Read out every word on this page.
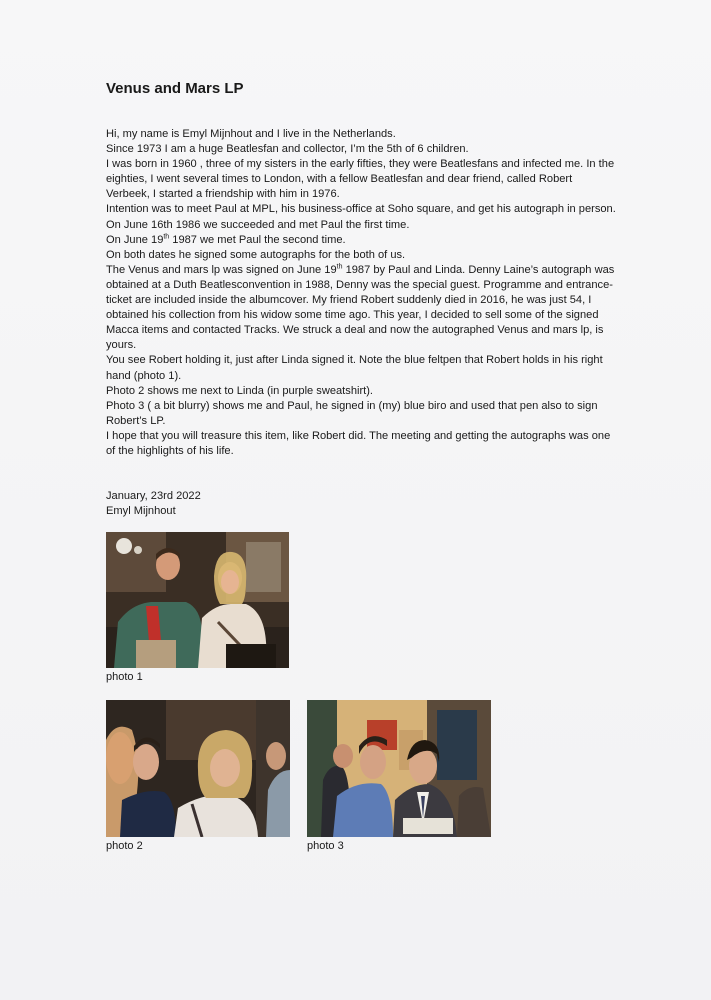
Venus and Mars LP

Hi, my name is Emyl Mijnhout and I live in the Netherlands.

Since 1973 I am a huge Beatlesfan and collector, I’m the 5th of 6 children.

I was born in 1960 , three of my sisters in the early fifties, they were Beatlesfans and infected me. In the eighties, I went several times to London, with a fellow Beatlesfan and dear friend, called Robert Verbeek, I started a friendship with him in 1976.

Intention was to meet Paul at MPL, his business-office at Soho square, and get his autograph in person.

On June 16th 1986 we succeeded and met Paul the first time.

On June 19th 1987 we met Paul the second time.

On both dates he signed some autographs for the both of us.

The Venus and mars lp was signed on June 19th 1987 by Paul and Linda. Denny Laine’s autograph was obtained at a Duth Beatlesconvention in 1988, Denny was the special guest. Programme and entrance-ticket are included inside the albumcover. My friend Robert suddenly died in 2016, he was just 54, I obtained his collection from his widow some time ago. This year, I decided to sell some of the signed Macca items and contacted Tracks. We struck a deal and now the autographed Venus and mars lp, is yours.

You see Robert holding it, just after Linda signed it. Note the blue feltpen that Robert holds in his right hand (photo 1).

Photo 2 shows me next to Linda (in purple sweatshirt).

Photo 3 ( a bit blurry) shows me and Paul, he signed in (my) blue biro and used that pen also to sign Robert’s LP.

I hope that you will treasure this item, like Robert did. The meeting and getting the autographs was one of the highlights of his life.

January, 23rd 2022

Emyl Mijnhout

photo 1
photo 2	photo 3
